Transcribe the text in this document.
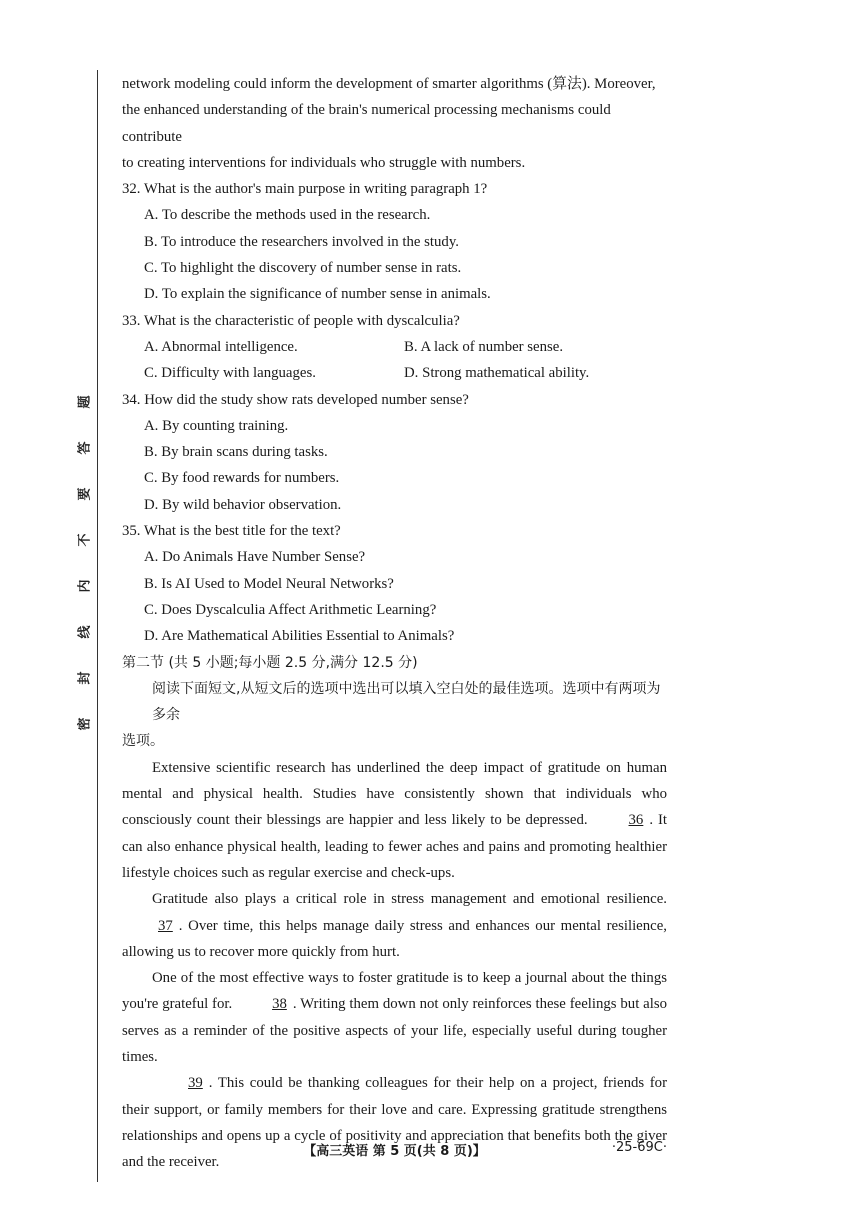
题
答
要
不
内
线
封
密

network modeling could inform the development of smarter algorithms (算法). Moreover,

the enhanced understanding of the brain's numerical processing mechanisms could contribute

to creating interventions for individuals who struggle with numbers.

32. What is the author's main purpose in writing paragraph 1?

A. To describe the methods used in the research.

B. To introduce the researchers involved in the study.

C. To highlight the discovery of number sense in rats.

D. To explain the significance of number sense in animals.

33. What is the characteristic of people with dyscalculia?

A. Abnormal intelligence.	B. A lack of number sense.
C. Difficulty with languages.	D. Strong mathematical ability.

34. How did the study show rats developed number sense?

A. By counting training.

B. By brain scans during tasks.

C. By food rewards for numbers.

D. By wild behavior observation.

35. What is the best title for the text?

A. Do Animals Have Number Sense?

B. Is AI Used to Model Neural Networks?

C. Does Dyscalculia Affect Arithmetic Learning?

D. Are Mathematical Abilities Essential to Animals?

第二节 (共 5 小题;每小题 2.5 分,满分 12.5 分)

阅读下面短文,从短文后的选项中选出可以填入空白处的最佳选项。选项中有两项为多余

选项。

Extensive scientific research has underlined the deep impact of gratitude on human mental and physical health. Studies have consistently shown that individuals who consciously count their blessings are happier and less likely to be depressed.	36 . It can also enhance physical health, leading to fewer aches and pains and promoting healthier lifestyle choices such as regular exercise and check-ups.

Gratitude also plays a critical role in stress management and emotional resilience. 37 . Over time, this helps manage daily stress and enhances our mental resilience, allowing us to recover more quickly from hurt.

One of the most effective ways to foster gratitude is to keep a journal about the things you're grateful for.	38 . Writing them down not only reinforces these feelings but also serves as a reminder of the positive aspects of your life, especially useful during tougher times.

39 . This could be thanking colleagues for their help on a project, friends for their support, or family members for their love and care. Expressing gratitude strengthens relationships and opens up a cycle of positivity and appreciation that benefits both the giver and the receiver.

【高三英语 第 5 页(共 8 页)】	·25-69C·
